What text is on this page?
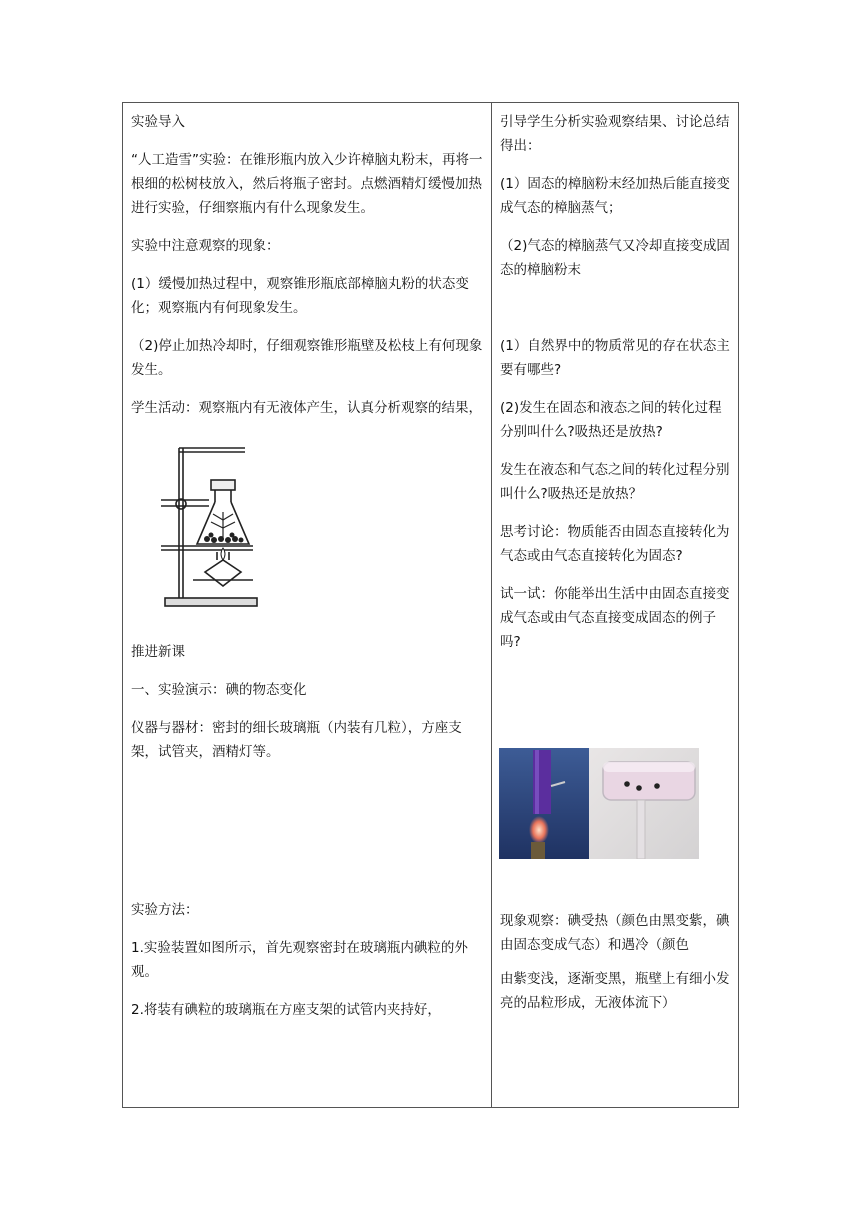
实验导入

“人工造雪”实验：在锥形瓶内放入少许樟脑丸粉末，再将一根细的松树枝放入，然后将瓶子密封。点燃酒精灯缓慢加热进行实验，仔细察瓶内有什么现象发生。

实验中注意观察的现象：

(1）缓慢加热过程中，观察锥形瓶底部樟脑丸粉的状态变化；观察瓶内有何现象发生。

（2)停止加热冷却时，仔细观察锥形瓶壁及松枝上有何现象发生。

学生活动：观察瓶内有无液体产生，认真分析观察的结果，

推进新课

一、实验演示：碘的物态变化

仪器与器材：密封的细长玻璃瓶（内装有几粒），方座支架，试管夹，酒精灯等。

实验方法：

1.实验装置如图所示，首先观察密封在玻璃瓶内碘粒的外观。

2.将装有碘粒的玻璃瓶在方座支架的试管内夹持好，

引导学生分析实验观察结果、讨论总结得出：

(1）固态的樟脑粉末经加热后能直接变成气态的樟脑蒸气；

（2)气态的樟脑蒸气又冷却直接变成固态的樟脑粉末

(1）自然界中的物质常见的存在状态主要有哪些?

(2)发生在固态和液态之间的转化过程分别叫什么?吸热还是放热?

发生在液态和气态之间的转化过程分别叫什么?吸热还是放热？

思考讨论：物质能否由固态直接转化为气态或由气态直接转化为固态?

试一试：你能举出生活中由固态直接变成气态或由气态直接变成固态的例子吗?

现象观察：碘受热（颜色由黑变紫，碘由固态变成气态）和遇冷（颜色

由紫变浅，逐渐变黑，瓶壁上有细小发亮的品粒形成，无液体流下）
